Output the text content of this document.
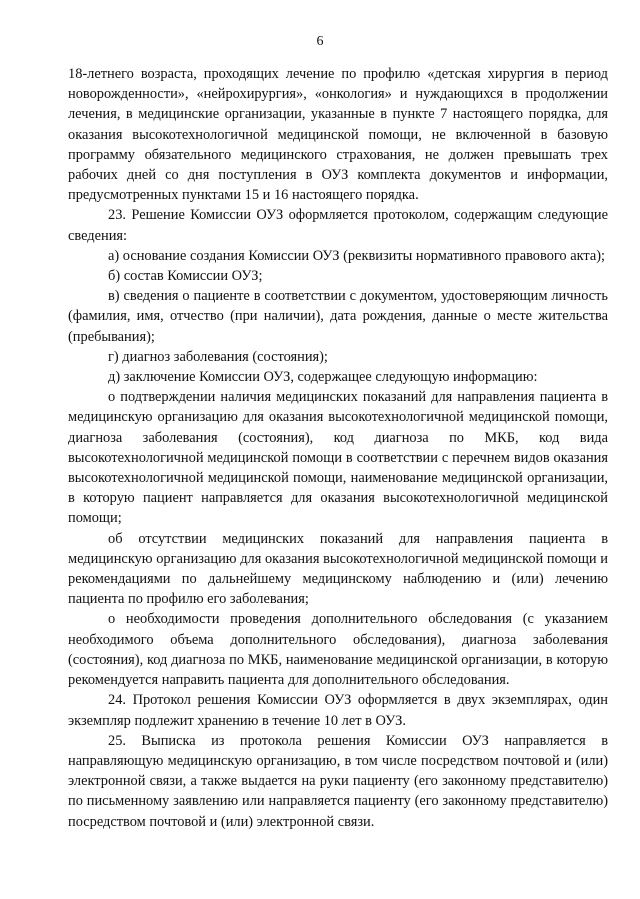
6

18-летнего возраста, проходящих лечение по профилю «детская хирургия в период новорожденности», «нейрохирургия», «онкология» и нуждающихся в продолжении лечения, в медицинские организации, указанные в пункте 7 настоящего порядка, для оказания высокотехнологичной медицинской помощи, не включенной в базовую программу обязательного медицинского страхования, не должен превышать трех рабочих дней со дня поступления в ОУЗ комплекта документов и информации, предусмотренных пунктами 15 и 16 настоящего порядка.

23. Решение Комиссии ОУЗ оформляется протоколом, содержащим следующие сведения:

а) основание создания Комиссии ОУЗ (реквизиты нормативного правового акта);

б) состав Комиссии ОУЗ;

в) сведения о пациенте в соответствии с документом, удостоверяющим личность (фамилия, имя, отчество (при наличии), дата рождения, данные о месте жительства (пребывания);

г) диагноз заболевания (состояния);

д) заключение Комиссии ОУЗ, содержащее следующую информацию:

о подтверждении наличия медицинских показаний для направления пациента в медицинскую организацию для оказания высокотехнологичной медицинской помощи, диагноза заболевания (состояния), код диагноза по МКБ, код вида высокотехнологичной медицинской помощи в соответствии с перечнем видов оказания высокотехнологичной медицинской помощи, наименование медицинской организации, в которую пациент направляется для оказания высокотехнологичной медицинской помощи;

об отсутствии медицинских показаний для направления пациента в медицинскую организацию для оказания высокотехнологичной медицинской помощи и рекомендациями по дальнейшему медицинскому наблюдению и (или) лечению пациента по профилю его заболевания;

о необходимости проведения дополнительного обследования (с указанием необходимого объема дополнительного обследования), диагноза заболевания (состояния), код диагноза по МКБ, наименование медицинской организации, в которую рекомендуется направить пациента для дополнительного обследования.

24. Протокол решения Комиссии ОУЗ оформляется в двух экземплярах, один экземпляр подлежит хранению в течение 10 лет в ОУЗ.

25. Выписка из протокола решения Комиссии ОУЗ направляется в направляющую медицинскую организацию, в том числе посредством почтовой и (или) электронной связи, а также выдается на руки пациенту (его законному представителю) по письменному заявлению или направляется пациенту (его законному представителю) посредством почтовой и (или) электронной связи.
